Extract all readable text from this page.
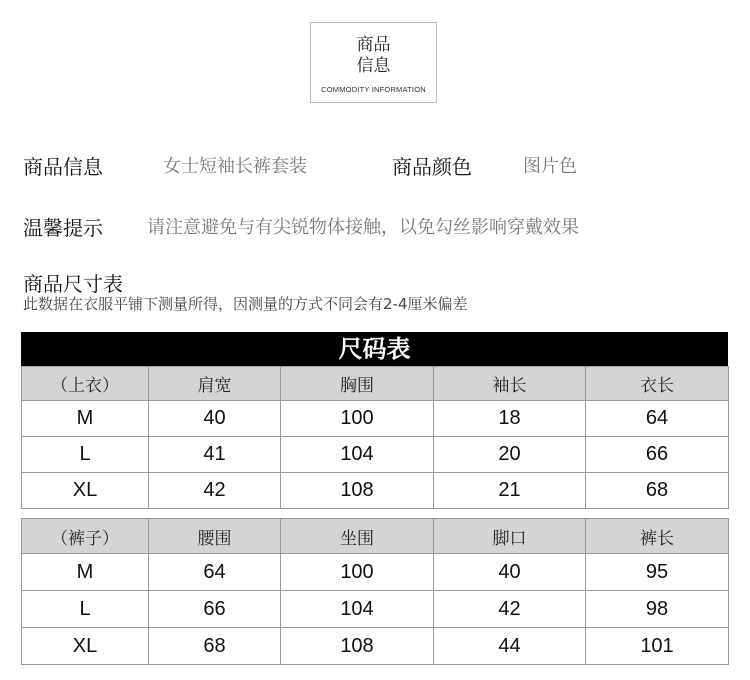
商品
信息
COMMODITY INFORMATION
商品信息	女士短袖长裤套装	商品颜色	图片色
温馨提示 请注意避免与有尖锐物体接触，以免勾丝影响穿戴效果
商品尺寸表
此数据在衣服平铺下测量所得，因测量的方式不同会有2-4厘米偏差
尺码表
（上衣）	肩宽	胸围	袖长	衣长
M	40	100	18	64
L	41	104	20	66
XL	42	108	21	68
（裤子）	腰围	坐围	脚口	裤长
M	64	100	40	95
L	66	104	42	98
XL	68	108	44	101
